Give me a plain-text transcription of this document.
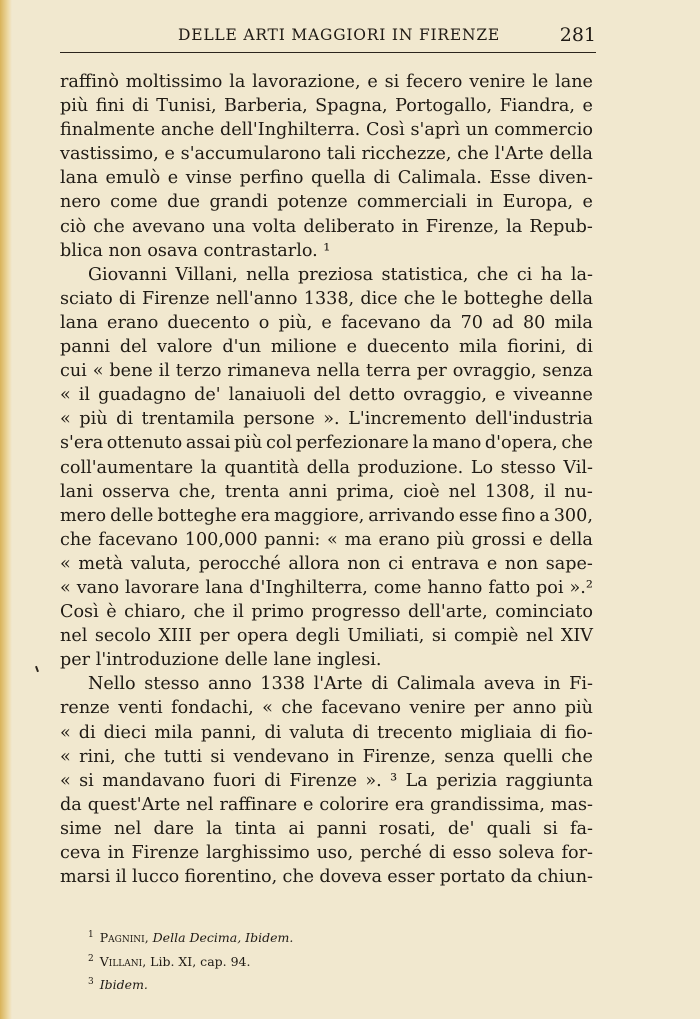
DELLE ARTI MAGGIORI IN FIRENZE	281
raffinò moltissimo la lavorazione, e si fecero venire le lane
più fini di Tunisi, Barberia, Spagna, Portogallo, Fiandra, e
finalmente anche dell'Inghilterra. Così s'aprì un commercio
vastissimo, e s'accumularono tali ricchezze, che l'Arte della
lana emulò e vinse perfino quella di Calimala. Esse diven-
nero come due grandi potenze commerciali in Europa, e
ciò che avevano una volta deliberato in Firenze, la Repub-
blica non osava contrastarlo. ¹
Giovanni Villani, nella preziosa statistica, che ci ha la-
sciato di Firenze nell'anno 1338, dice che le botteghe della
lana erano duecento o più, e facevano da 70 ad 80 mila
panni del valore d'un milione e duecento mila fiorini, di
cui « bene il terzo rimaneva nella terra per ovraggio, senza
« il guadagno de' lanaiuoli del detto ovraggio, e viveanne
« più di trentamila persone ». L'incremento dell'industria
s'era ottenuto assai più col perfezionare la mano d'opera, che
coll'aumentare la quantità della produzione. Lo stesso Vil-
lani osserva che, trenta anni prima, cioè nel 1308, il nu-
mero delle botteghe era maggiore, arrivando esse fino a 300,
che facevano 100,000 panni: « ma erano più grossi e della
« metà valuta, perocché allora non ci entrava e non sape-
« vano lavorare lana d'Inghilterra, come hanno fatto poi ».²
Così è chiaro, che il primo progresso dell'arte, cominciato
nel secolo XIII per opera degli Umiliati, si compiè nel XIV
per l'introduzione delle lane inglesi.
Nello stesso anno 1338 l'Arte di Calimala aveva in Fi-
renze venti fondachi, « che facevano venire per anno più
« di dieci mila panni, di valuta di trecento migliaia di fio-
« rini, che tutti si vendevano in Firenze, senza quelli che
« si mandavano fuori di Firenze ». ³ La perizia raggiunta
da quest'Arte nel raffinare e colorire era grandissima, mas-
sime nel dare la tinta ai panni rosati, de' quali si fa-
ceva in Firenze larghissimo uso, perché di esso soleva for-
marsi il lucco fiorentino, che doveva esser portato da chiun-
$^1$ Pagnini, Della Decima, Ibidem.
$^2$ Villani, Lib. XI, cap. 94.
$^3$ Ibidem.
